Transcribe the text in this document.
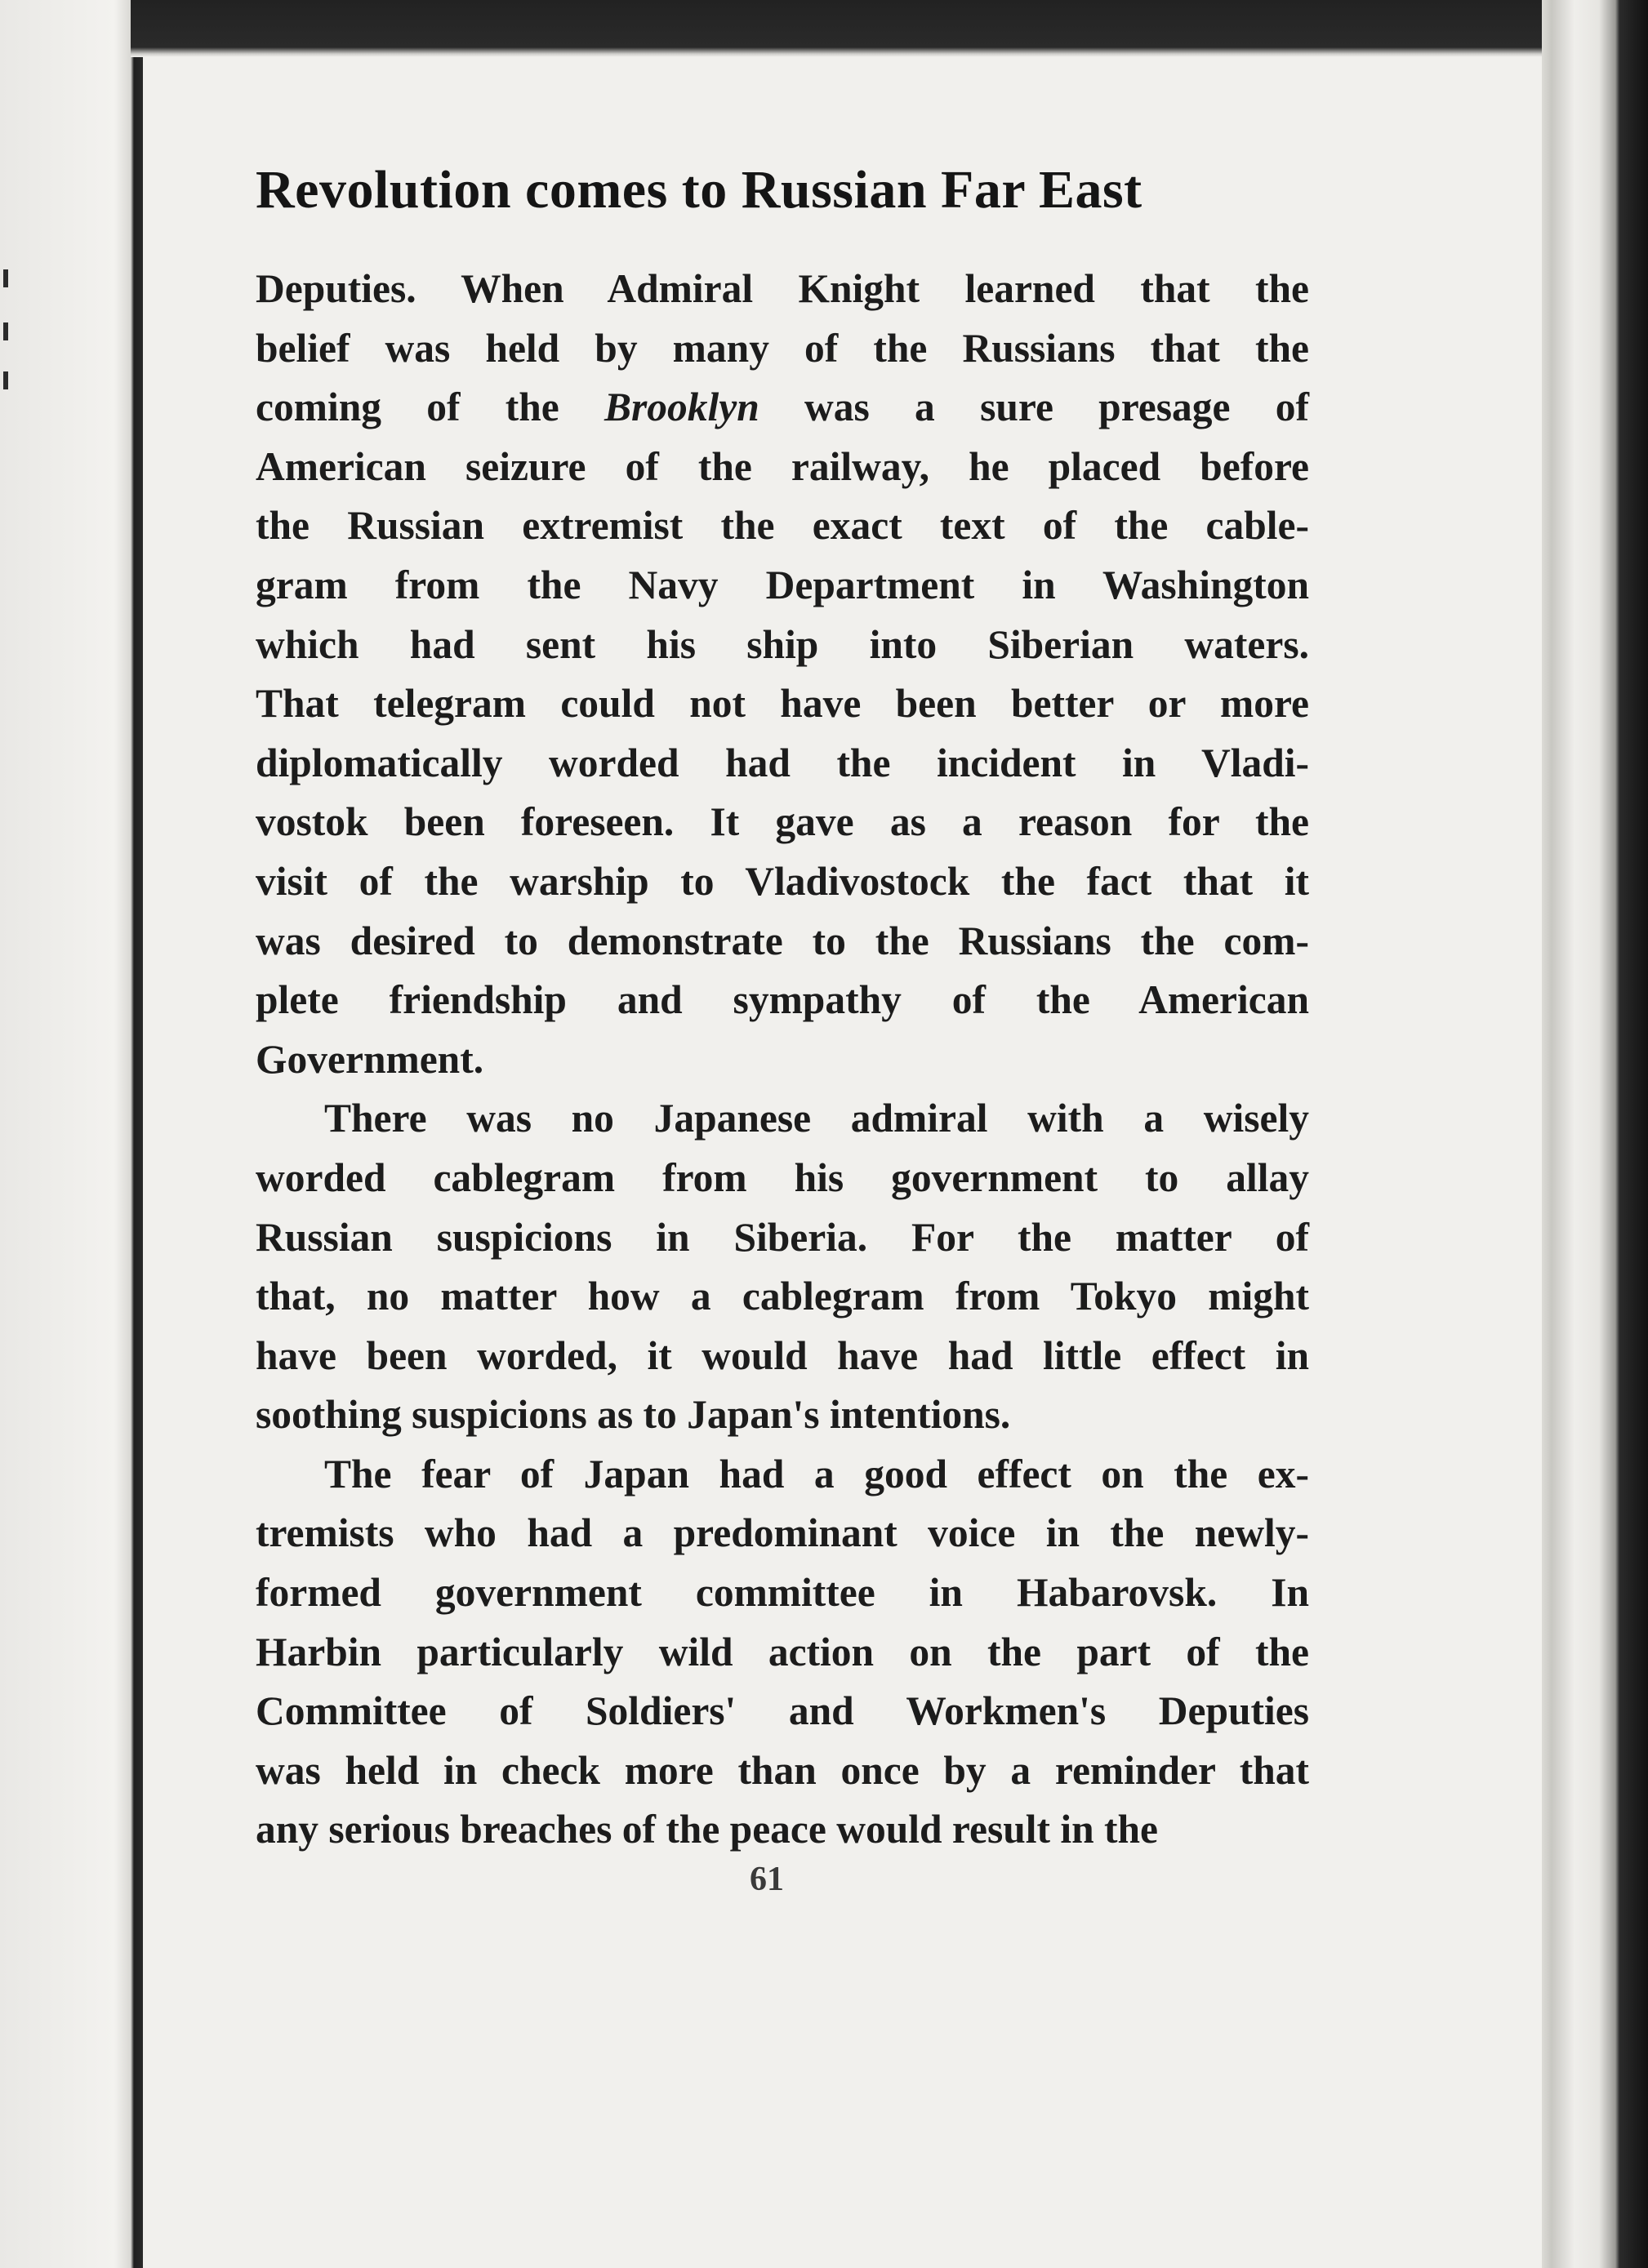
Revolution comes to Russian Far East
Deputies. When Admiral Knight learned that the
belief was held by many of the Russians that the
coming of the Brooklyn was a sure presage of
American seizure of the railway, he placed before
the Russian extremist the exact text of the cable-
gram from the Navy Department in Washington
which had sent his ship into Siberian waters.
That telegram could not have been better or more
diplomatically worded had the incident in Vladi-
vostok been foreseen. It gave as a reason for the
visit of the warship to Vladivostock the fact that it
was desired to demonstrate to the Russians the com-
plete friendship and sympathy of the American
Government.
There was no Japanese admiral with a wisely
worded cablegram from his government to allay
Russian suspicions in Siberia. For the matter of
that, no matter how a cablegram from Tokyo might
have been worded, it would have had little effect in
soothing suspicions as to Japan's intentions.
The fear of Japan had a good effect on the ex-
tremists who had a predominant voice in the newly-
formed government committee in Habarovsk. In
Harbin particularly wild action on the part of the
Committee of Soldiers' and Workmen's Deputies
was held in check more than once by a reminder that
any serious breaches of the peace would result in the
61
